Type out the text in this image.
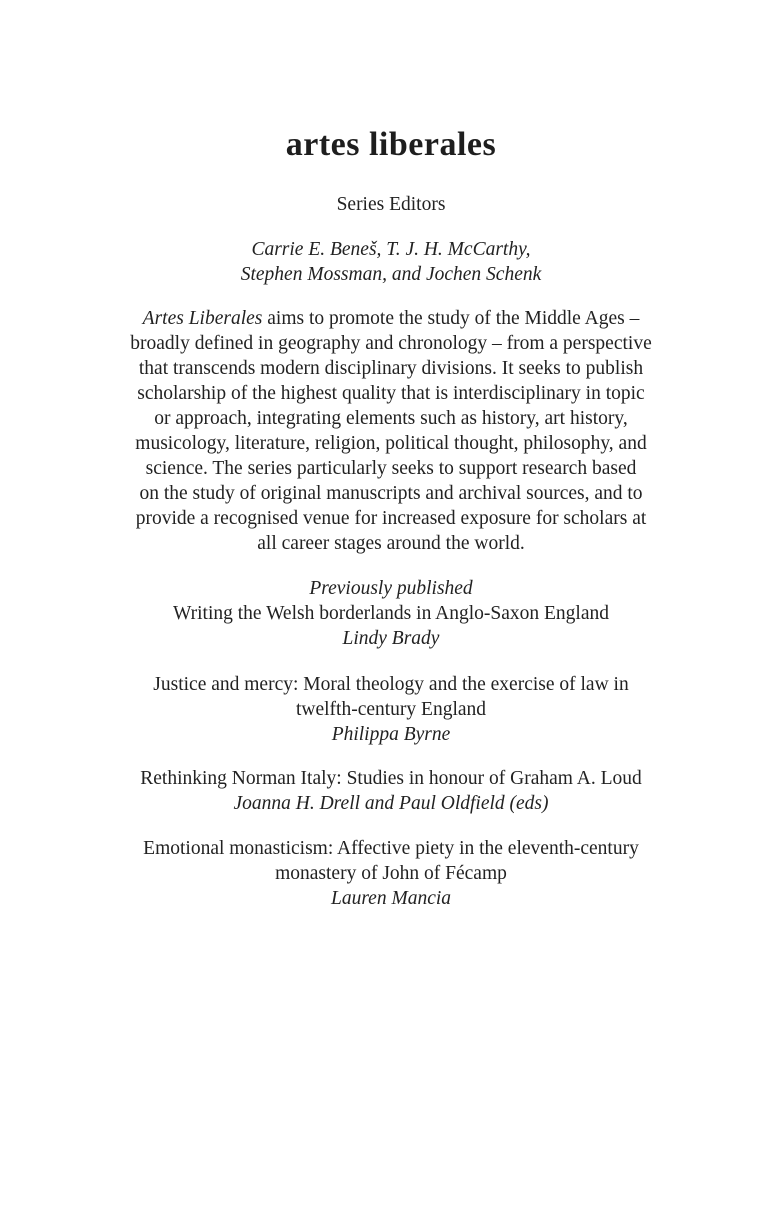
artes liberales
Series Editors
Carrie E. Beneš, T. J. H. McCarthy,
Stephen Mossman, and Jochen Schenk
Artes Liberales aims to promote the study of the Middle Ages –
broadly defined in geography and chronology – from a perspective
that transcends modern disciplinary divisions. It seeks to publish
scholarship of the highest quality that is interdisciplinary in topic
or approach, integrating elements such as history, art history,
musicology, literature, religion, political thought, philosophy, and
science. The series particularly seeks to support research based
on the study of original manuscripts and archival sources, and to
provide a recognised venue for increased exposure for scholars at
all career stages around the world.
Previously published
Writing the Welsh borderlands in Anglo-Saxon England
Lindy Brady
Justice and mercy: Moral theology and the exercise of law in
twelfth-century England
Philippa Byrne
Rethinking Norman Italy: Studies in honour of Graham A. Loud
Joanna H. Drell and Paul Oldfield (eds)
Emotional monasticism: Affective piety in the eleventh-century
monastery of John of Fécamp
Lauren Mancia
